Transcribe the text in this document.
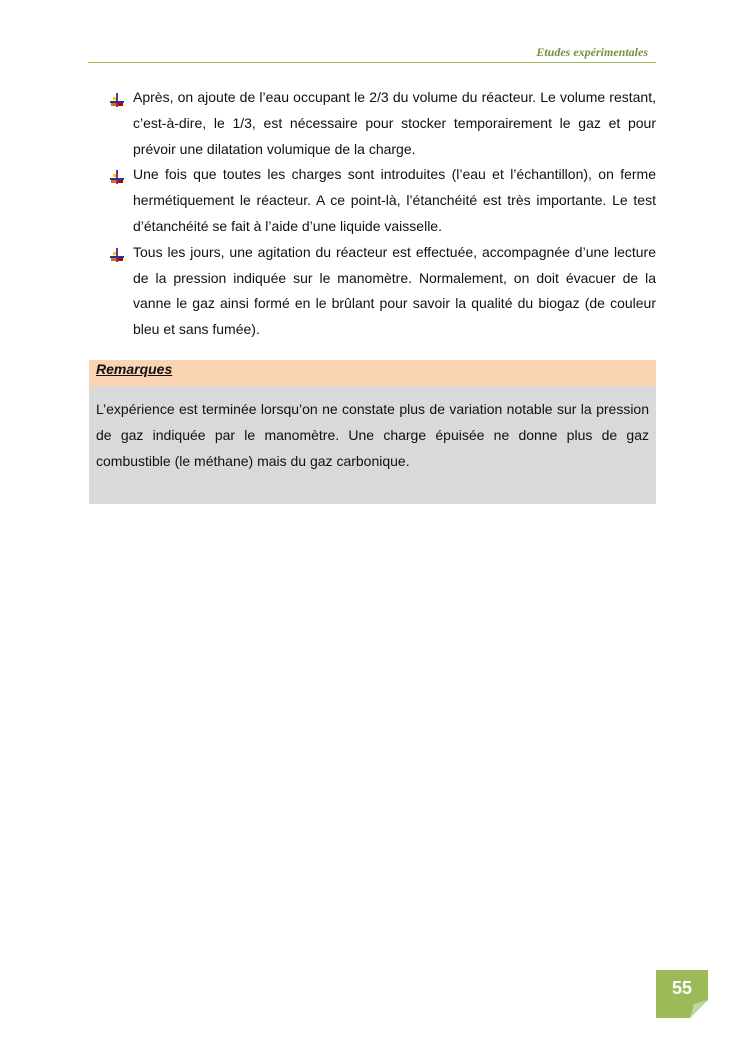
Etudes expérimentales
Après, on ajoute de l’eau occupant le 2/3 du volume du réacteur. Le volume restant, c’est-à-dire, le 1/3, est nécessaire pour stocker temporairement le gaz et pour prévoir une dilatation volumique de la charge.
Une fois que toutes les charges sont introduites (l’eau et l’échantillon), on ferme hermétiquement le réacteur. A ce point-là, l’étanchéité est très importante. Le test d’étanchéité se fait à l’aide d’une liquide vaisselle.
Tous les jours, une agitation du réacteur est effectuée, accompagnée d’une lecture de la pression indiquée sur le manomètre. Normalement, on doit évacuer de la vanne le gaz ainsi formé en le brûlant pour savoir la qualité du biogaz (de couleur bleu et sans fumée).
Remarques

L’expérience est terminée lorsqu’on ne constate plus de variation notable sur la pression de gaz indiquée par le manomètre. Une charge épuisée ne donne plus de gaz combustible (le méthane) mais du gaz carbonique.

55
